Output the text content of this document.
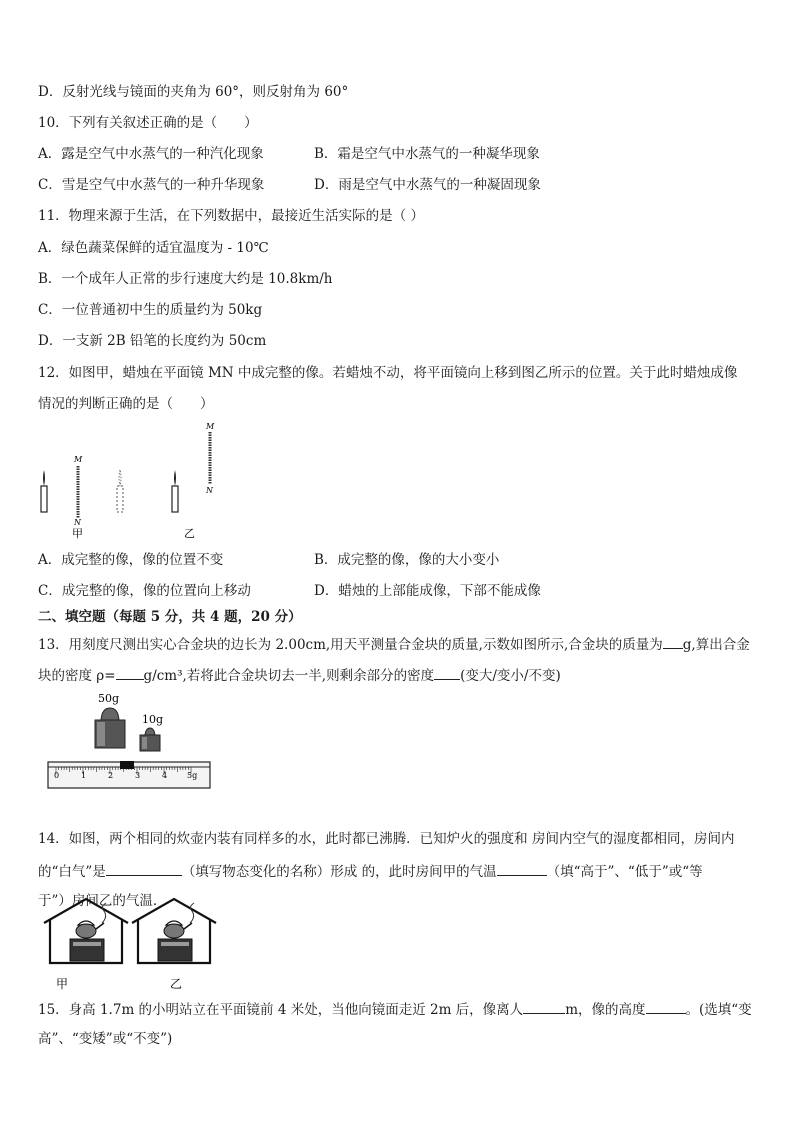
D．反射光线与镜面的夹角为 60°，则反射角为 60°
10．下列有关叙述正确的是（　　）
A．露是空气中水蒸气的一种汽化现象	B．霜是空气中水蒸气的一种凝华现象
C．雪是空气中水蒸气的一种升华现象	D．雨是空气中水蒸气的一种凝固现象
11．物理来源于生活，在下列数据中，最接近生活实际的是（ ）
A．绿色蔬菜保鲜的适宜温度为 - 10℃
B．一个成年人正常的步行速度大约是 10.8km/h
C．一位普通初中生的质量约为 50kg
D．一支新 2B 铅笔的长度约为 50cm
12．如图甲，蜡烛在平面镜 MN 中成完整的像。若蜡烛不动，将平面镜向上移到图乙所示的位置。关于此时蜡烛成像
情况的判断正确的是（　　）
M
N
甲
M
N
乙
A．成完整的像，像的位置不变	B．成完整的像，像的大小变小
C．成完整的像，像的位置向上移动	D．蜡烛的上部能成像，下部不能成像
二、填空题（每题 5 分，共 4 题，20 分）
13．用刻度尺测出实心合金块的边长为 2.00cm,用天平测量合金块的质量,示数如图所示,合金块的质量为 g,算出合金
块的密度 ρ= g/cm³,若将此合金块切去一半,则剩余部分的密度 (变大/变小/不变)
50g
10g
0	1	2	3	4 5g
14．如图，两个相同的炊壶内装有同样多的水，此时都已沸腾．已知炉火的强度和 房间内空气的湿度都相同，房间内
的“白气”是	（填写物态变化的名称）形成 的，此时房间甲的气温	（填“高于”、“低于”或“等
于”）房间乙的气温．
甲	乙
15．身高 1.7m 的小明站立在平面镜前 4 米处，当他向镜面走近 2m 后，像离人	m，像的高度	。(选填“变
高”、“变矮”或“不变”)
